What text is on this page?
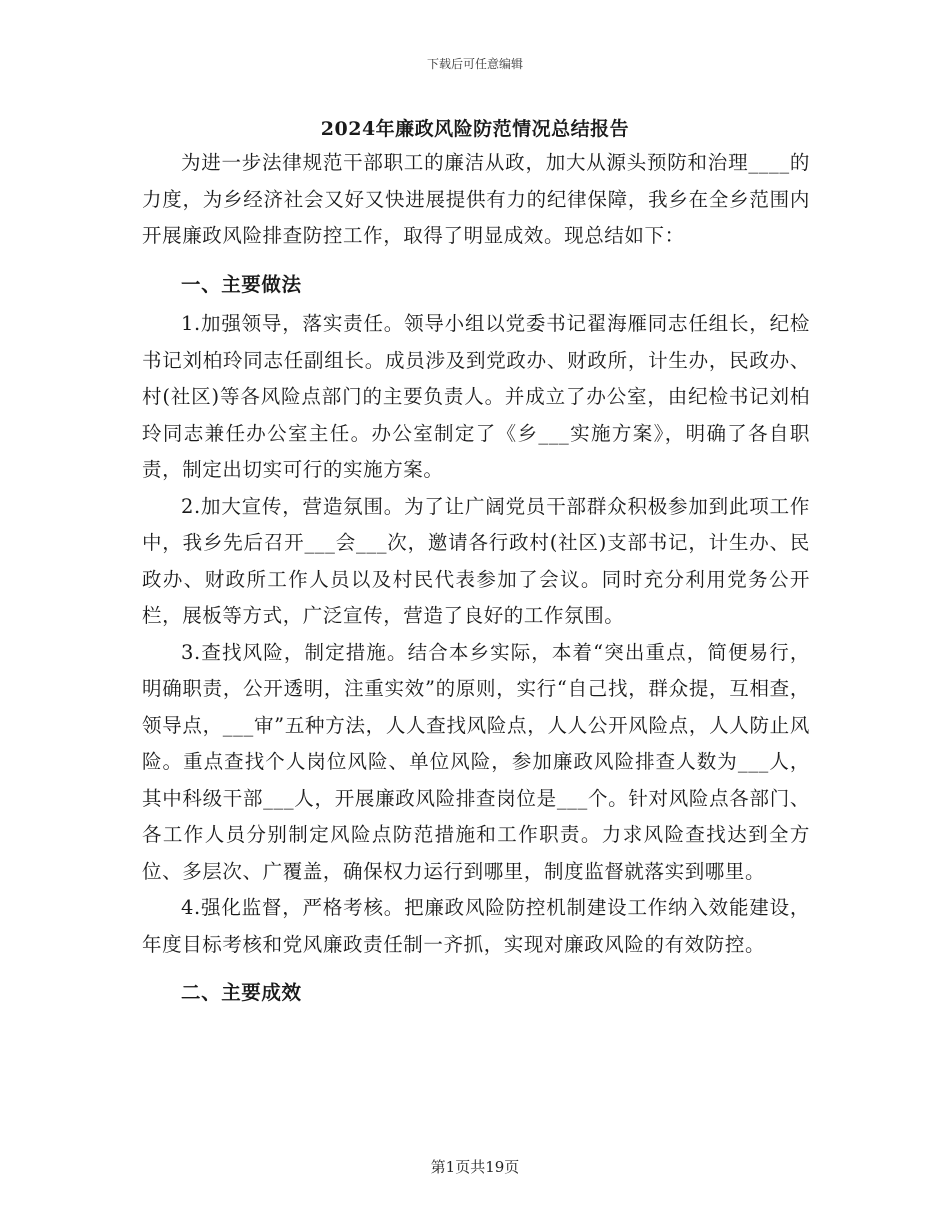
下载后可任意编辑
2024年廉政风险防范情况总结报告

为进一步法律规范干部职工的廉洁从政，加大从源头预防和治理____的力度，为乡经济社会又好又快进展提供有力的纪律保障，我乡在全乡范围内开展廉政风险排查防控工作，取得了明显成效。现总结如下：

一、主要做法

1.加强领导，落实责任。领导小组以党委书记翟海雁同志任组长，纪检书记刘柏玲同志任副组长。成员涉及到党政办、财政所，计生办，民政办、村(社区)等各风险点部门的主要负责人。并成立了办公室，由纪检书记刘柏玲同志兼任办公室主任。办公室制定了《乡___实施方案》，明确了各自职责，制定出切实可行的实施方案。

2.加大宣传，营造氛围。为了让广阔党员干部群众积极参加到此项工作中，我乡先后召开___会___次，邀请各行政村(社区)支部书记，计生办、民政办、财政所工作人员以及村民代表参加了会议。同时充分利用党务公开栏，展板等方式，广泛宣传，营造了良好的工作氛围。

3.查找风险，制定措施。结合本乡实际，本着“突出重点，简便易行，明确职责，公开透明，注重实效”的原则，实行“自己找，群众提，互相查，领导点，___审”五种方法，人人查找风险点，人人公开风险点，人人防止风险。重点查找个人岗位风险、单位风险，参加廉政风险排查人数为___人，其中科级干部___人，开展廉政风险排查岗位是___个。针对风险点各部门、各工作人员分别制定风险点防范措施和工作职责。力求风险查找达到全方位、多层次、广覆盖，确保权力运行到哪里，制度监督就落实到哪里。

4.强化监督，严格考核。把廉政风险防控机制建设工作纳入效能建设，年度目标考核和党风廉政责任制一齐抓，实现对廉政风险的有效防控。

二、主要成效

第1页共19页
